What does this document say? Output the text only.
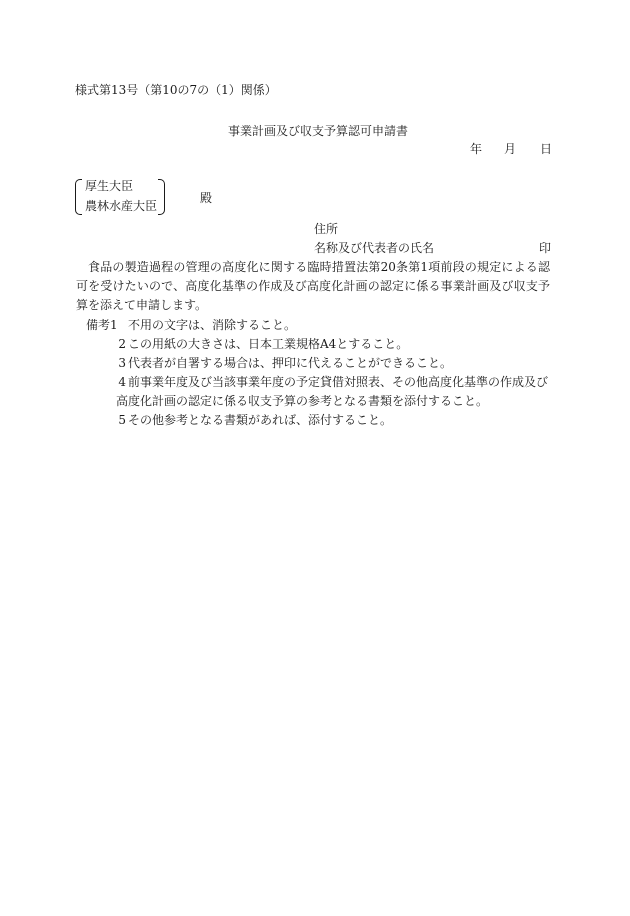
様式第13号（第10の7の（1）関係）
事業計画及び収支予算認可申請書
年 月 日
厚生大臣
農林水産大臣
殿
住所
名称及び代表者の氏名	印

食品の製造過程の管理の高度化に関する臨時措置法第20条第1項前段の規定による認可を受けたいので、高度化基準の作成及び高度化計画の認定に係る事業計画及び収支予算を添えて申請します。

備考1 不用の文字は、消除すること。
2 この用紙の大きさは、日本工業規格A4とすること。
3 代表者が自署する場合は、押印に代えることができること。
4 前事業年度及び当該事業年度の予定貸借対照表、その他高度化基準の作成及び高度化計画の認定に係る収支予算の参考となる書類を添付すること。
5 その他参考となる書類があれば、添付すること。
